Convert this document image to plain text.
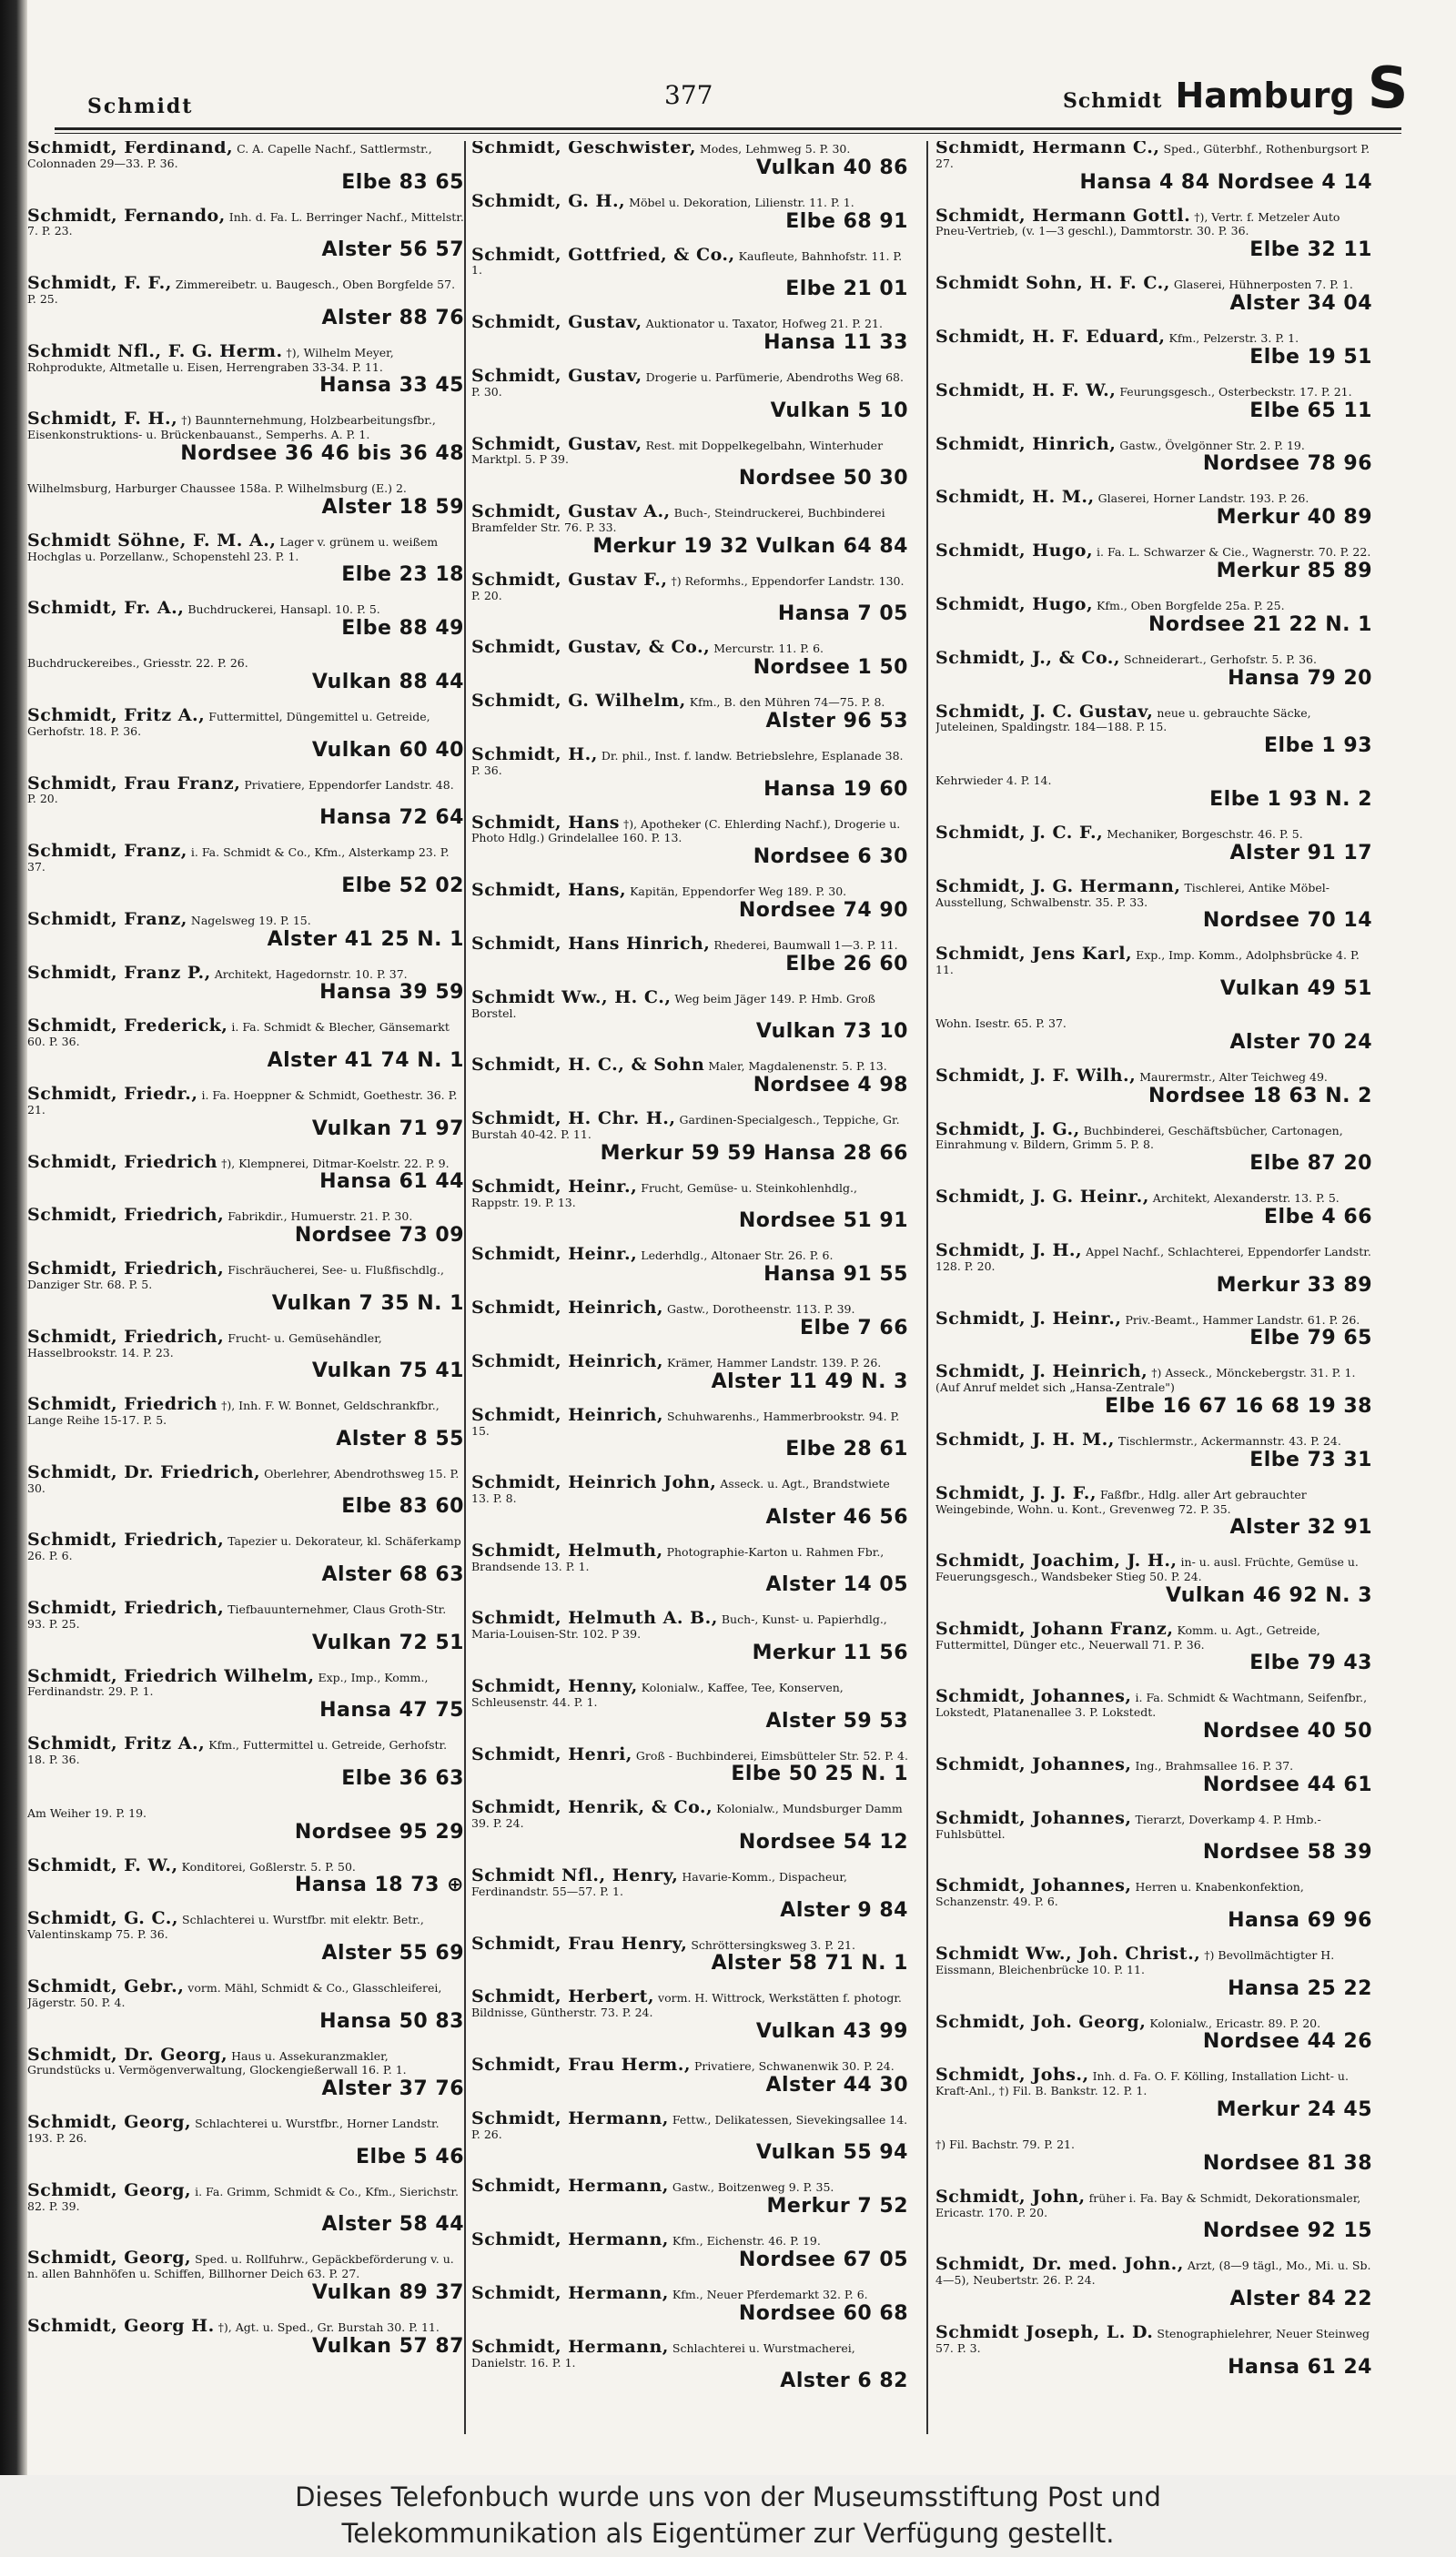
Schmidt	377	Schmidt Hamburg S
Schmidt, Ferdinand, C. A. Capelle Nachf., Sattlermstr., Colonnaden 29—33. P. 36.
Elbe 83 65
Schmidt, Fernando, Inh. d. Fa. L. Berringer Nachf., Mittelstr. 7. P. 23.
Alster 56 57
Schmidt, F. F., Zimmereibetr. u. Baugesch., Oben Borgfelde 57. P. 25.
Alster 88 76
Schmidt Nfl., F. G. Herm. †), Wilhelm Meyer, Rohprodukte, Altmetalle u. Eisen, Herrengraben 33-34. P. 11.
Hansa 33 45
Schmidt, F. H., †) Baunnternehmung, Holzbearbeitungsfbr., Eisenkonstruktions- u. Brückenbauanst., Semperhs. A. P. 1.
Nordsee 36 46 bis 36 48
Wilhelmsburg, Harburger Chaussee 158a. P. Wilhelmsburg (E.) 2.
Alster 18 59
Schmidt Söhne, F. M. A., Lager v. grünem u. weißem Hochglas u. Porzellanw., Schopenstehl 23. P. 1.
Elbe 23 18
Schmidt, Fr. A., Buchdruckerei, Hansapl. 10. P. 5.
Elbe 88 49
Buchdruckereibes., Griesstr. 22. P. 26.
Vulkan 88 44
Schmidt, Fritz A., Futtermittel, Düngemittel u. Getreide, Gerhofstr. 18. P. 36.
Vulkan 60 40
Schmidt, Frau Franz, Privatiere, Eppendorfer Landstr. 48. P. 20.
Hansa 72 64
Schmidt, Franz, i. Fa. Schmidt & Co., Kfm., Alsterkamp 23. P. 37.
Elbe 52 02
Schmidt, Franz, Nagelsweg 19. P. 15.
Alster 41 25 N. 1
Schmidt, Franz P., Architekt, Hagedornstr. 10. P. 37.
Hansa 39 59
Schmidt, Frederick, i. Fa. Schmidt & Blecher, Gänsemarkt 60. P. 36.
Alster 41 74 N. 1
Schmidt, Friedr., i. Fa. Hoeppner & Schmidt, Goethestr. 36. P. 21.
Vulkan 71 97
Schmidt, Friedrich †), Klempnerei, Ditmar-Koelstr. 22. P. 9.
Hansa 61 44
Schmidt, Friedrich, Fabrikdir., Humuerstr. 21. P. 30.
Nordsee 73 09
Schmidt, Friedrich, Fischräucherei, See- u. Flußfischdlg., Danziger Str. 68. P. 5.
Vulkan 7 35 N. 1
Schmidt, Friedrich, Frucht- u. Gemüsehändler, Hasselbrookstr. 14. P. 23.
Vulkan 75 41
Schmidt, Friedrich †), Inh. F. W. Bonnet, Geldschrankfbr., Lange Reihe 15-17. P. 5.
Alster 8 55
Schmidt, Dr. Friedrich, Oberlehrer, Abendrothsweg 15. P. 30.
Elbe 83 60
Schmidt, Friedrich, Tapezier u. Dekorateur, kl. Schäferkamp 26. P. 6.
Alster 68 63
Schmidt, Friedrich, Tiefbauunternehmer, Claus Groth-Str. 93. P. 25.
Vulkan 72 51
Schmidt, Friedrich Wilhelm, Exp., Imp., Komm., Ferdinandstr. 29. P. 1.
Hansa 47 75
Schmidt, Fritz A., Kfm., Futtermittel u. Getreide, Gerhofstr. 18. P. 36.
Elbe 36 63
Am Weiher 19. P. 19.
Nordsee 95 29
Schmidt, F. W., Konditorei, Goßlerstr. 5. P. 50.
Hansa 18 73 ⊕
Schmidt, G. C., Schlachterei u. Wurstfbr. mit elektr. Betr., Valentinskamp 75. P. 36.
Alster 55 69
Schmidt, Gebr., vorm. Mähl, Schmidt & Co., Glasschleiferei, Jägerstr. 50. P. 4.
Hansa 50 83
Schmidt, Dr. Georg, Haus u. Assekuranzmakler, Grundstücks u. Vermögenverwaltung, Glockengießerwall 16. P. 1.
Alster 37 76
Schmidt, Georg, Schlachterei u. Wurstfbr., Horner Landstr. 193. P. 26.
Elbe 5 46
Schmidt, Georg, i. Fa. Grimm, Schmidt & Co., Kfm., Sierichstr. 82. P. 39.
Alster 58 44
Schmidt, Georg, Sped. u. Rollfuhrw., Gepäckbeförderung v. u. n. allen Bahnhöfen u. Schiffen, Billhorner Deich 63. P. 27.
Vulkan 89 37
Schmidt, Georg H. †), Agt. u. Sped., Gr. Burstah 30. P. 11.
Vulkan 57 87
Schmidt, Geschwister, Modes, Lehmweg 5. P. 30.
Vulkan 40 86
Schmidt, G. H., Möbel u. Dekoration, Lilienstr. 11. P. 1.
Elbe 68 91
Schmidt, Gottfried, & Co., Kaufleute, Bahnhofstr. 11. P. 1.
Elbe 21 01
Schmidt, Gustav, Auktionator u. Taxator, Hofweg 21. P. 21.
Hansa 11 33
Schmidt, Gustav, Drogerie u. Parfümerie, Abendroths Weg 68. P. 30.
Vulkan 5 10
Schmidt, Gustav, Rest. mit Doppelkegelbahn, Winterhuder Marktpl. 5. P 39.
Nordsee 50 30
Schmidt, Gustav A., Buch-, Steindruckerei, Buchbinderei Bramfelder Str. 76. P. 33.
Merkur 19 32 Vulkan 64 84
Schmidt, Gustav F., †) Reformhs., Eppendorfer Landstr. 130. P. 20.
Hansa 7 05
Schmidt, Gustav, & Co., Mercurstr. 11. P. 6.
Nordsee 1 50
Schmidt, G. Wilhelm, Kfm., B. den Mühren 74—75. P. 8.
Alster 96 53
Schmidt, H., Dr. phil., Inst. f. landw. Betriebslehre, Esplanade 38. P. 36.
Hansa 19 60
Schmidt, Hans †), Apotheker (C. Ehlerding Nachf.), Drogerie u. Photo Hdlg.) Grindelallee 160. P. 13.
Nordsee 6 30
Schmidt, Hans, Kapitän, Eppendorfer Weg 189. P. 30.
Nordsee 74 90
Schmidt, Hans Hinrich, Rhederei, Baumwall 1—3. P. 11.
Elbe 26 60
Schmidt Ww., H. C., Weg beim Jäger 149. P. Hmb. Groß Borstel.
Vulkan 73 10
Schmidt, H. C., & Sohn Maler, Magdalenenstr. 5. P. 13.
Nordsee 4 98
Schmidt, H. Chr. H., Gardinen-Specialgesch., Teppiche, Gr. Burstah 40-42. P. 11.
Merkur 59 59 Hansa 28 66
Schmidt, Heinr., Frucht, Gemüse- u. Steinkohlenhdlg., Rappstr. 19. P. 13.
Nordsee 51 91
Schmidt, Heinr., Lederhdlg., Altonaer Str. 26. P. 6.
Hansa 91 55
Schmidt, Heinrich, Gastw., Dorotheenstr. 113. P. 39.
Elbe 7 66
Schmidt, Heinrich, Krämer, Hammer Landstr. 139. P. 26.
Alster 11 49 N. 3
Schmidt, Heinrich, Schuhwarenhs., Hammerbrookstr. 94. P. 15.
Elbe 28 61
Schmidt, Heinrich John, Asseck. u. Agt., Brandstwiete 13. P. 8.
Alster 46 56
Schmidt, Helmuth, Photographie-Karton u. Rahmen Fbr., Brandsende 13. P. 1.
Alster 14 05
Schmidt, Helmuth A. B., Buch-, Kunst- u. Papierhdlg., Maria-Louisen-Str. 102. P 39.
Merkur 11 56
Schmidt, Henny, Kolonialw., Kaffee, Tee, Konserven, Schleusenstr. 44. P. 1.
Alster 59 53
Schmidt, Henri, Groß - Buchbinderei, Eimsbütteler Str. 52. P. 4.
Elbe 50 25 N. 1
Schmidt, Henrik, & Co., Kolonialw., Mundsburger Damm 39. P. 24.
Nordsee 54 12
Schmidt Nfl., Henry, Havarie-Komm., Dispacheur, Ferdinandstr. 55—57. P. 1.
Alster 9 84
Schmidt, Frau Henry, Schröttersingksweg 3. P. 21.
Alster 58 71 N. 1
Schmidt, Herbert, vorm. H. Wittrock, Werkstätten f. photogr. Bildnisse, Güntherstr. 73. P. 24.
Vulkan 43 99
Schmidt, Frau Herm., Privatiere, Schwanenwik 30. P. 24.
Alster 44 30
Schmidt, Hermann, Fettw., Delikatessen, Sievekingsallee 14. P. 26.
Vulkan 55 94
Schmidt, Hermann, Gastw., Boitzenweg 9. P. 35.
Merkur 7 52
Schmidt, Hermann, Kfm., Eichenstr. 46. P. 19.
Nordsee 67 05
Schmidt, Hermann, Kfm., Neuer Pferdemarkt 32. P. 6.
Nordsee 60 68
Schmidt, Hermann, Schlachterei u. Wurstmacherei, Danielstr. 16. P. 1.
Alster 6 82
Schmidt, Hermann C., Sped., Güterbhf., Rothenburgsort P. 27.
Hansa 4 84 Nordsee 4 14
Schmidt, Hermann Gottl. †), Vertr. f. Metzeler Auto Pneu-Vertrieb, (v. 1—3 geschl.), Dammtorstr. 30. P. 36.
Elbe 32 11
Schmidt Sohn, H. F. C., Glaserei, Hühnerposten 7. P. 1.
Alster 34 04
Schmidt, H. F. Eduard, Kfm., Pelzerstr. 3. P. 1.
Elbe 19 51
Schmidt, H. F. W., Feurungsgesch., Osterbeckstr. 17. P. 21.
Elbe 65 11
Schmidt, Hinrich, Gastw., Övelgönner Str. 2. P. 19.
Nordsee 78 96
Schmidt, H. M., Glaserei, Horner Landstr. 193. P. 26.
Merkur 40 89
Schmidt, Hugo, i. Fa. L. Schwarzer & Cie., Wagnerstr. 70. P. 22.
Merkur 85 89
Schmidt, Hugo, Kfm., Oben Borgfelde 25a. P. 25.
Nordsee 21 22 N. 1
Schmidt, J., & Co., Schneiderart., Gerhofstr. 5. P. 36.
Hansa 79 20
Schmidt, J. C. Gustav, neue u. gebrauchte Säcke, Juteleinen, Spaldingstr. 184—188. P. 15.
Elbe 1 93
Kehrwieder 4. P. 14.
Elbe 1 93 N. 2
Schmidt, J. C. F., Mechaniker, Borgeschstr. 46. P. 5.
Alster 91 17
Schmidt, J. G. Hermann, Tischlerei, Antike Möbel-Ausstellung, Schwalbenstr. 35. P. 33.
Nordsee 70 14
Schmidt, Jens Karl, Exp., Imp. Komm., Adolphsbrücke 4. P. 11.
Vulkan 49 51
Wohn. Isestr. 65. P. 37.
Alster 70 24
Schmidt, J. F. Wilh., Maurermstr., Alter Teichweg 49.
Nordsee 18 63 N. 2
Schmidt, J. G., Buchbinderei, Geschäftsbücher, Cartonagen, Einrahmung v. Bildern, Grimm 5. P. 8.
Elbe 87 20
Schmidt, J. G. Heinr., Architekt, Alexanderstr. 13. P. 5.
Elbe 4 66
Schmidt, J. H., Appel Nachf., Schlachterei, Eppendorfer Landstr. 128. P. 20.
Merkur 33 89
Schmidt, J. Heinr., Priv.-Beamt., Hammer Landstr. 61. P. 26.
Elbe 79 65
Schmidt, J. Heinrich, †) Asseck., Mönckebergstr. 31. P. 1. (Auf Anruf meldet sich „Hansa-Zentrale")
Elbe 16 67 16 68 19 38
Schmidt, J. H. M., Tischlermstr., Ackermannstr. 43. P. 24.
Elbe 73 31
Schmidt, J. J. F., Faßfbr., Hdlg. aller Art gebrauchter Weingebinde, Wohn. u. Kont., Grevenweg 72. P. 35.
Alster 32 91
Schmidt, Joachim, J. H., in- u. ausl. Früchte, Gemüse u. Feuerungsgesch., Wandsbeker Stieg 50. P. 24.
Vulkan 46 92 N. 3
Schmidt, Johann Franz, Komm. u. Agt., Getreide, Futtermittel, Dünger etc., Neuerwall 71. P. 36.
Elbe 79 43
Schmidt, Johannes, i. Fa. Schmidt & Wachtmann, Seifenfbr., Lokstedt, Platanenallee 3. P. Lokstedt.
Nordsee 40 50
Schmidt, Johannes, Ing., Brahmsallee 16. P. 37.
Nordsee 44 61
Schmidt, Johannes, Tierarzt, Doverkamp 4. P. Hmb.-Fuhlsbüttel.
Nordsee 58 39
Schmidt, Johannes, Herren u. Knabenkonfektion, Schanzenstr. 49. P. 6.
Hansa 69 96
Schmidt Ww., Joh. Christ., †) Bevollmächtigter H. Eissmann, Bleichenbrücke 10. P. 11.
Hansa 25 22
Schmidt, Joh. Georg, Kolonialw., Ericastr. 89. P. 20.
Nordsee 44 26
Schmidt, Johs., Inh. d. Fa. O. F. Kölling, Installation Licht- u. Kraft-Anl., †) Fil. B. Bankstr. 12. P. 1.
Merkur 24 45
†) Fil. Bachstr. 79. P. 21.
Nordsee 81 38
Schmidt, John, früher i. Fa. Bay & Schmidt, Dekorationsmaler, Ericastr. 170. P. 20.
Nordsee 92 15
Schmidt, Dr. med. John., Arzt, (8—9 tägl., Mo., Mi. u. Sb. 4—5), Neubertstr. 26. P. 24.
Alster 84 22
Schmidt Joseph, L. D. Stenographielehrer, Neuer Steinweg 57. P. 3.
Hansa 61 24
Dieses Telefonbuch wurde uns von der Museumsstiftung Post und
Telekommunikation als Eigentümer zur Verfügung gestellt.
